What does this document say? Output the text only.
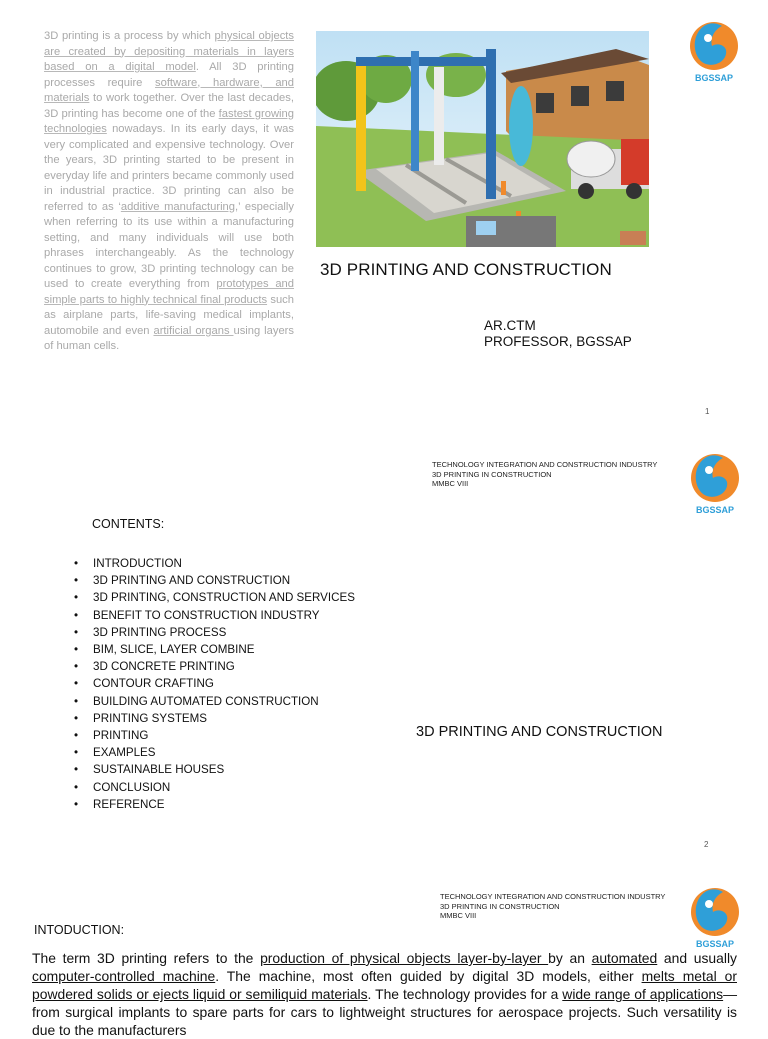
3D printing is a process by which physical objects are created by depositing materials in layers based on a digital model. All 3D printing processes require software, hardware, and materials to work together. Over the last decades, 3D printing has become one of the fastest growing technologies nowadays. In its early days, it was very complicated and expensive technology. Over the years, 3D printing started to be present in everyday life and printers became commonly used in industrial practice. 3D printing can also be referred to as ‘additive manufacturing,’ especially when referring to its use within a manufacturing setting, and many individuals will use both phrases interchangeably. As the technology continues to grow, 3D printing technology can be used to create everything from prototypes and simple parts to highly technical final products such as airplane parts, life-saving medical implants, automobile and even artificial organs using layers of human cells.

BGSSAP
3D PRINTING AND CONSTRUCTION
AR.CTM
PROFESSOR, BGSSAP
1
TECHNOLOGY INTEGRATION AND CONSTRUCTION INDUSTRY
3D PRINTING IN CONSTRUCTION
MMBC VIII
BGSSAP
CONTENTS:
• INTRODUCTION
• 3D PRINTING AND CONSTRUCTION
• 3D PRINTING, CONSTRUCTION AND SERVICES
• BENEFIT TO CONSTRUCTION INDUSTRY
• 3D PRINTING PROCESS
• BIM, SLICE, LAYER COMBINE
• 3D CONCRETE PRINTING
• CONTOUR CRAFTING
• BUILDING AUTOMATED CONSTRUCTION
• PRINTING SYSTEMS
• PRINTING
• EXAMPLES
• SUSTAINABLE HOUSES
• CONCLUSION
• REFERENCE
3D PRINTING AND CONSTRUCTION
2
TECHNOLOGY INTEGRATION AND CONSTRUCTION INDUSTRY
3D PRINTING IN CONSTRUCTION
MMBC VIII
BGSSAP
INTODUCTION:

The term 3D printing refers to the production of physical objects layer-by-layer by an automated and usually computer-controlled machine. The machine, most often guided by digital 3D models, either melts metal or powdered solids or ejects liquid or semiliquid materials. The technology provides for a wide range of applications—from surgical implants to spare parts for cars to lightweight structures for aerospace projects. Such versatility is due to the manufacturers
